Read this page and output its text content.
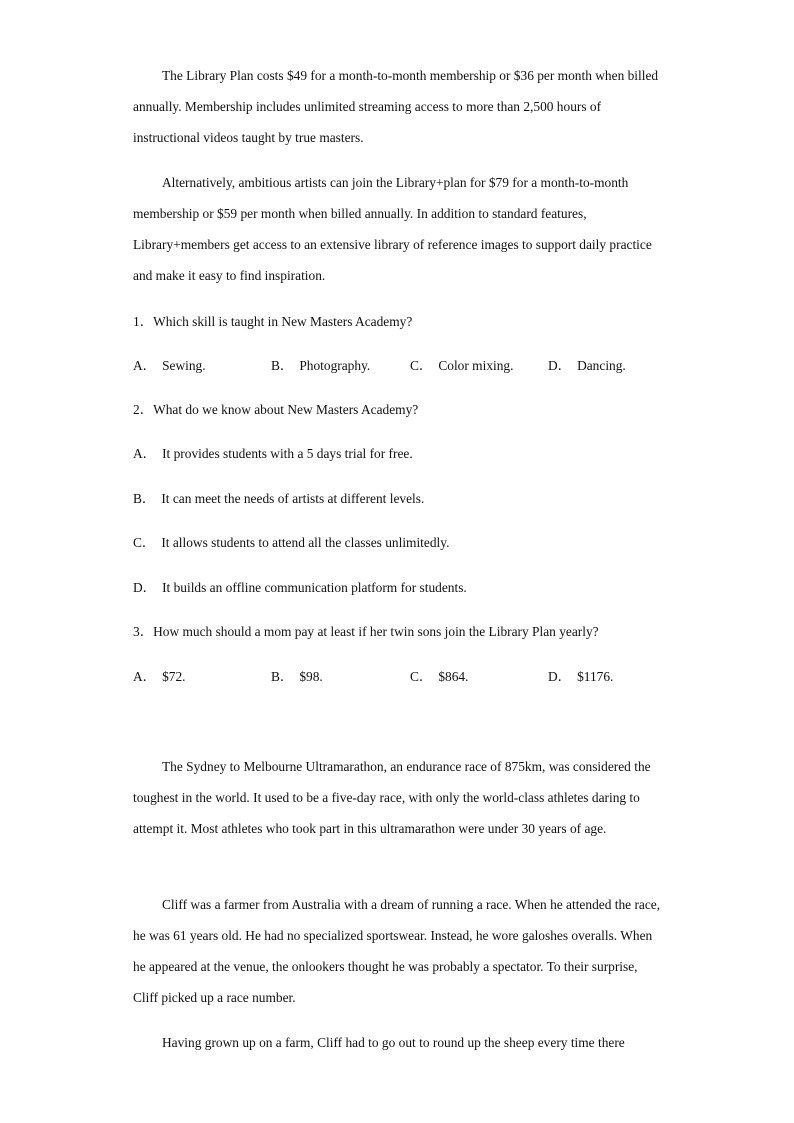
The Library Plan costs $49 for a month-to-month membership or $36 per month when billed annually. Membership includes unlimited streaming access to more than 2,500 hours of instructional videos taught by true masters.

Alternatively, ambitious artists can join the Library+plan for $79 for a month-to-month membership or $59 per month when billed annually. In addition to standard features, Library+members get access to an extensive library of reference images to support daily practice and make it easy to find inspiration.

1．Which skill is taught in New Masters Academy?
A． Sewing.	B． Photography.	C． Color mixing.	D． Dancing.
2．What do we know about New Masters Academy?
A． It provides students with a 5 days trial for free.
B． It can meet the needs of artists at different levels.
C． It allows students to attend all the classes unlimitedly.
D． It builds an offline communication platform for students.
3．How much should a mom pay at least if her twin sons join the Library Plan yearly?
A． $72.	B． $98.	C． $864.	D． $1176.

The Sydney to Melbourne Ultramarathon, an endurance race of 875km, was considered the toughest in the world. It used to be a five-day race, with only the world-class athletes daring to attempt it. Most athletes who took part in this ultramarathon were under 30 years of age.

Cliff was a farmer from Australia with a dream of running a race. When he attended the race, he was 61 years old. He had no specialized sportswear. Instead, he wore galoshes overalls. When he appeared at the venue, the onlookers thought he was probably a spectator. To their surprise, Cliff picked up a race number.

Having grown up on a farm, Cliff had to go out to round up the sheep every time there
